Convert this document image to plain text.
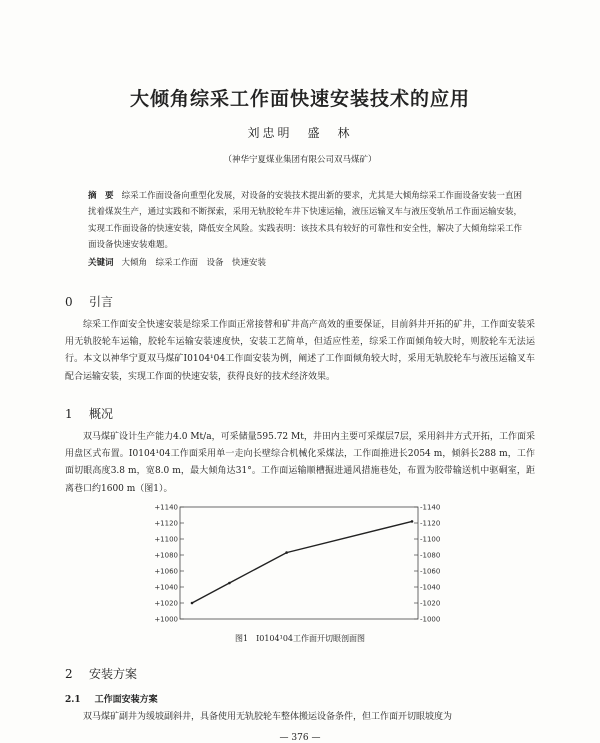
大倾角综采工作面快速安装技术的应用
刘忠明　盛　林
（神华宁夏煤业集团有限公司双马煤矿）
摘　要 综采工作面设备向重型化发展，对设备的安装技术提出新的要求，尤其是大倾角综采工作面设备安装一直困扰着煤炭生产，通过实践和不断探索，采用无轨胶轮车井下快速运输，液压运输叉车与液压变轨吊工作面运输安装，实现工作面设备的快速安装，降低安全风险。实践表明：该技术具有较好的可靠性和安全性，解决了大倾角综采工作面设备快速安装难题。
关键词 大倾角　综采工作面　设备　快速安装
0 引言

综采工作面安全快速安装是综采工作面正常接替和矿井高产高效的重要保证，目前斜井开拓的矿井，工作面安装采用无轨胶轮车运输，胶轮车运输安装速度快，安装工艺简单，但适应性差，综采工作面倾角较大时，则胶轮车无法运行。本文以神华宁夏双马煤矿Ⅰ0104¹04工作面安装为例，阐述了工作面倾角较大时，采用无轨胶轮车与液压运输叉车配合运输安装，实现工作面的快速安装，获得良好的技术经济效果。

1 概况

双马煤矿设计生产能力4.0 Mt/a，可采储量595.72 Mt，井田内主要可采煤层7层，采用斜井方式开拓，工作面采用盘区式布置。Ⅰ0104¹04工作面采用单一走向长壁综合机械化采煤法，工作面推进长2054 m，倾斜长288 m，工作面切眼高度3.8 m，宽8.0 m，最大倾角达31°。工作面运输顺槽掘进通风措施巷处，布置为胶带输送机中驱硐室，距离巷口约1600 m（图1）。

+1140
+1120
+1100
+1080
+1060
+1040
+1020
+1000
-1140
-1120
-1100
-1080
-1060
-1040
-1020
-1000
图1　Ⅰ0104¹04工作面开切眼剖面图
2 安装方案
2.1 工作面安装方案
双马煤矿副井为缓坡副斜井，具备使用无轨胶轮车整体搬运设备条件，但工作面开切眼坡度为
— 376 —
